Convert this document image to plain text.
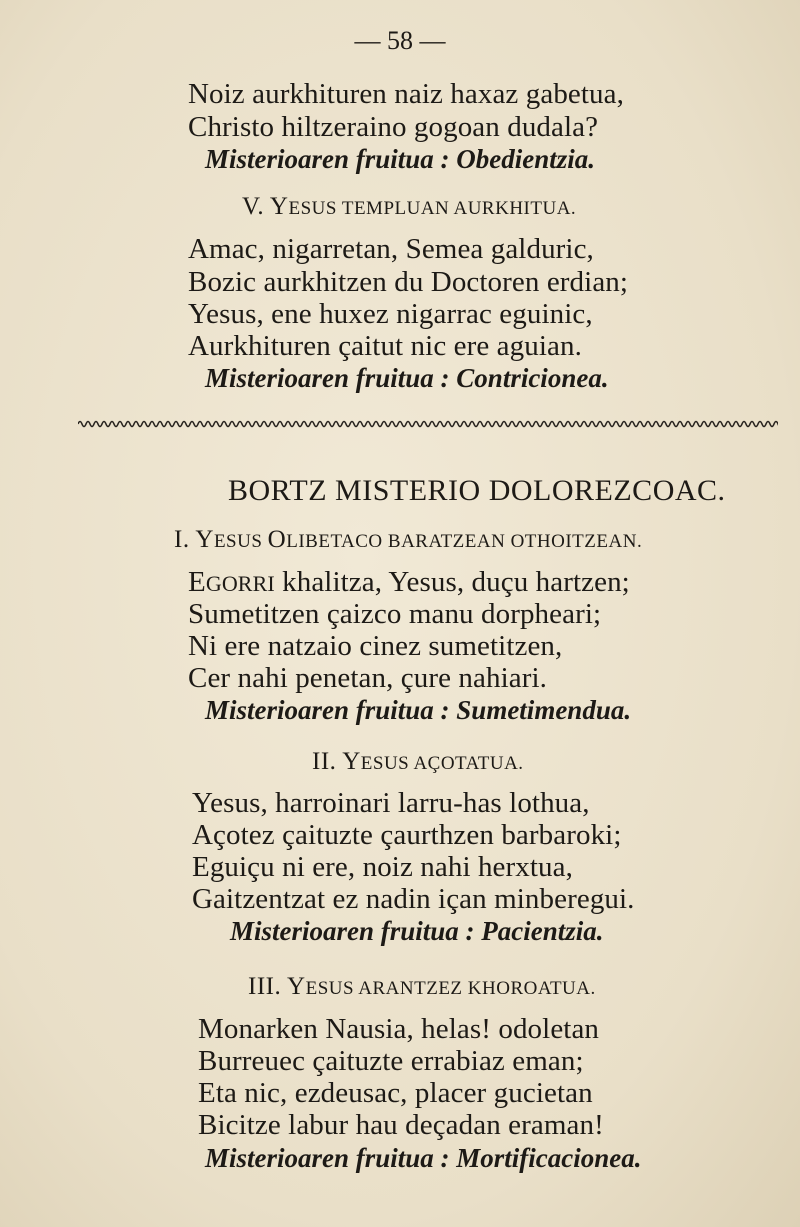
— 58 —
Noiz aurkhituren naiz haxaz gabetua,
Christo hiltzeraino gogoan dudala?
Misterioaren fruitua : Obedientzia.
V. YESUS TEMPLUAN AURKHITUA.
Amac, nigarretan, Semea galduric,
Bozic aurkhitzen du Doctoren erdian;
Yesus, ene huxez nigarrac eguinic,
Aurkhituren çaitut nic ere aguian.
Misterioaren fruitua : Contricionea.
BORTZ MISTERIO DOLOREZCOAC.
I. YESUS OLIBETACO BARATZEAN OTHOITZEAN.
EGORRI khalitza, Yesus, duçu hartzen;
Sumetitzen çaizco manu dorpheari;
Ni ere natzaio cinez sumetitzen,
Cer nahi penetan, çure nahiari.
Misterioaren fruitua : Sumetimendua.
II. YESUS AÇOTATUA.
Yesus, harroinari larru-has lothua,
Açotez çaituzte çaurthzen barbaroki;
Eguiçu ni ere, noiz nahi herxtua,
Gaitzentzat ez nadin içan minberegui.
Misterioaren fruitua : Pacientzia.
III. YESUS ARANTZEZ KHOROATUA.
Monarken Nausia, helas! odoletan
Burreuec çaituzte errabiaz eman;
Eta nic, ezdeusac, placer gucietan
Bicitze labur hau deçadan eraman!
Misterioaren fruitua : Mortificacionea.
